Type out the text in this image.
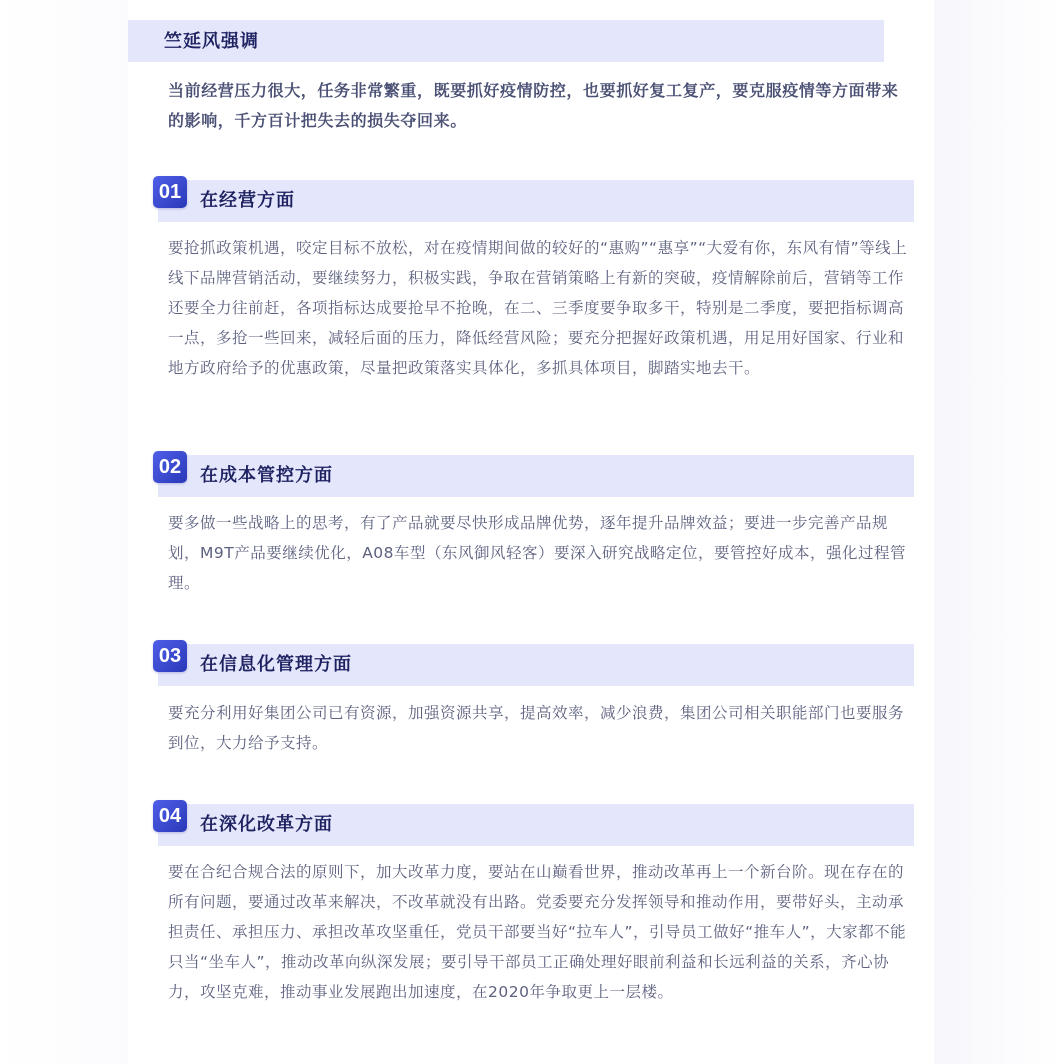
竺延风强调

当前经营压力很大，任务非常繁重，既要抓好疫情防控，也要抓好复工复产，要克服疫情等方面带来的影响，千方百计把失去的损失夺回来。

01	在经营方面

要抢抓政策机遇，咬定目标不放松，对在疫情期间做的较好的“惠购”“惠享”“大爱有你，东风有情”等线上线下品牌营销活动，要继续努力，积极实践，争取在营销策略上有新的突破，疫情解除前后，营销等工作还要全力往前赶，各项指标达成要抢早不抢晚，在二、三季度要争取多干，特别是二季度，要把指标调高一点，多抢一些回来，减轻后面的压力，降低经营风险；要充分把握好政策机遇，用足用好国家、行业和地方政府给予的优惠政策，尽量把政策落实具体化，多抓具体项目，脚踏实地去干。

02	在成本管控方面

要多做一些战略上的思考，有了产品就要尽快形成品牌优势，逐年提升品牌效益；要进一步完善产品规划，M9T产品要继续优化，A08车型（东风御风轻客）要深入研究战略定位，要管控好成本，强化过程管理。

03	在信息化管理方面

要充分利用好集团公司已有资源，加强资源共享，提高效率，减少浪费，集团公司相关职能部门也要服务到位，大力给予支持。

04	在深化改革方面

要在合纪合规合法的原则下，加大改革力度，要站在山巅看世界，推动改革再上一个新台阶。现在存在的所有问题，要通过改革来解决，不改革就没有出路。党委要充分发挥领导和推动作用，要带好头，主动承担责任、承担压力、承担改革攻坚重任，党员干部要当好“拉车人”，引导员工做好“推车人”，大家都不能只当“坐车人”，推动改革向纵深发展；要引导干部员工正确处理好眼前利益和长远利益的关系，齐心协力，攻坚克难，推动事业发展跑出加速度，在2020年争取更上一层楼。
